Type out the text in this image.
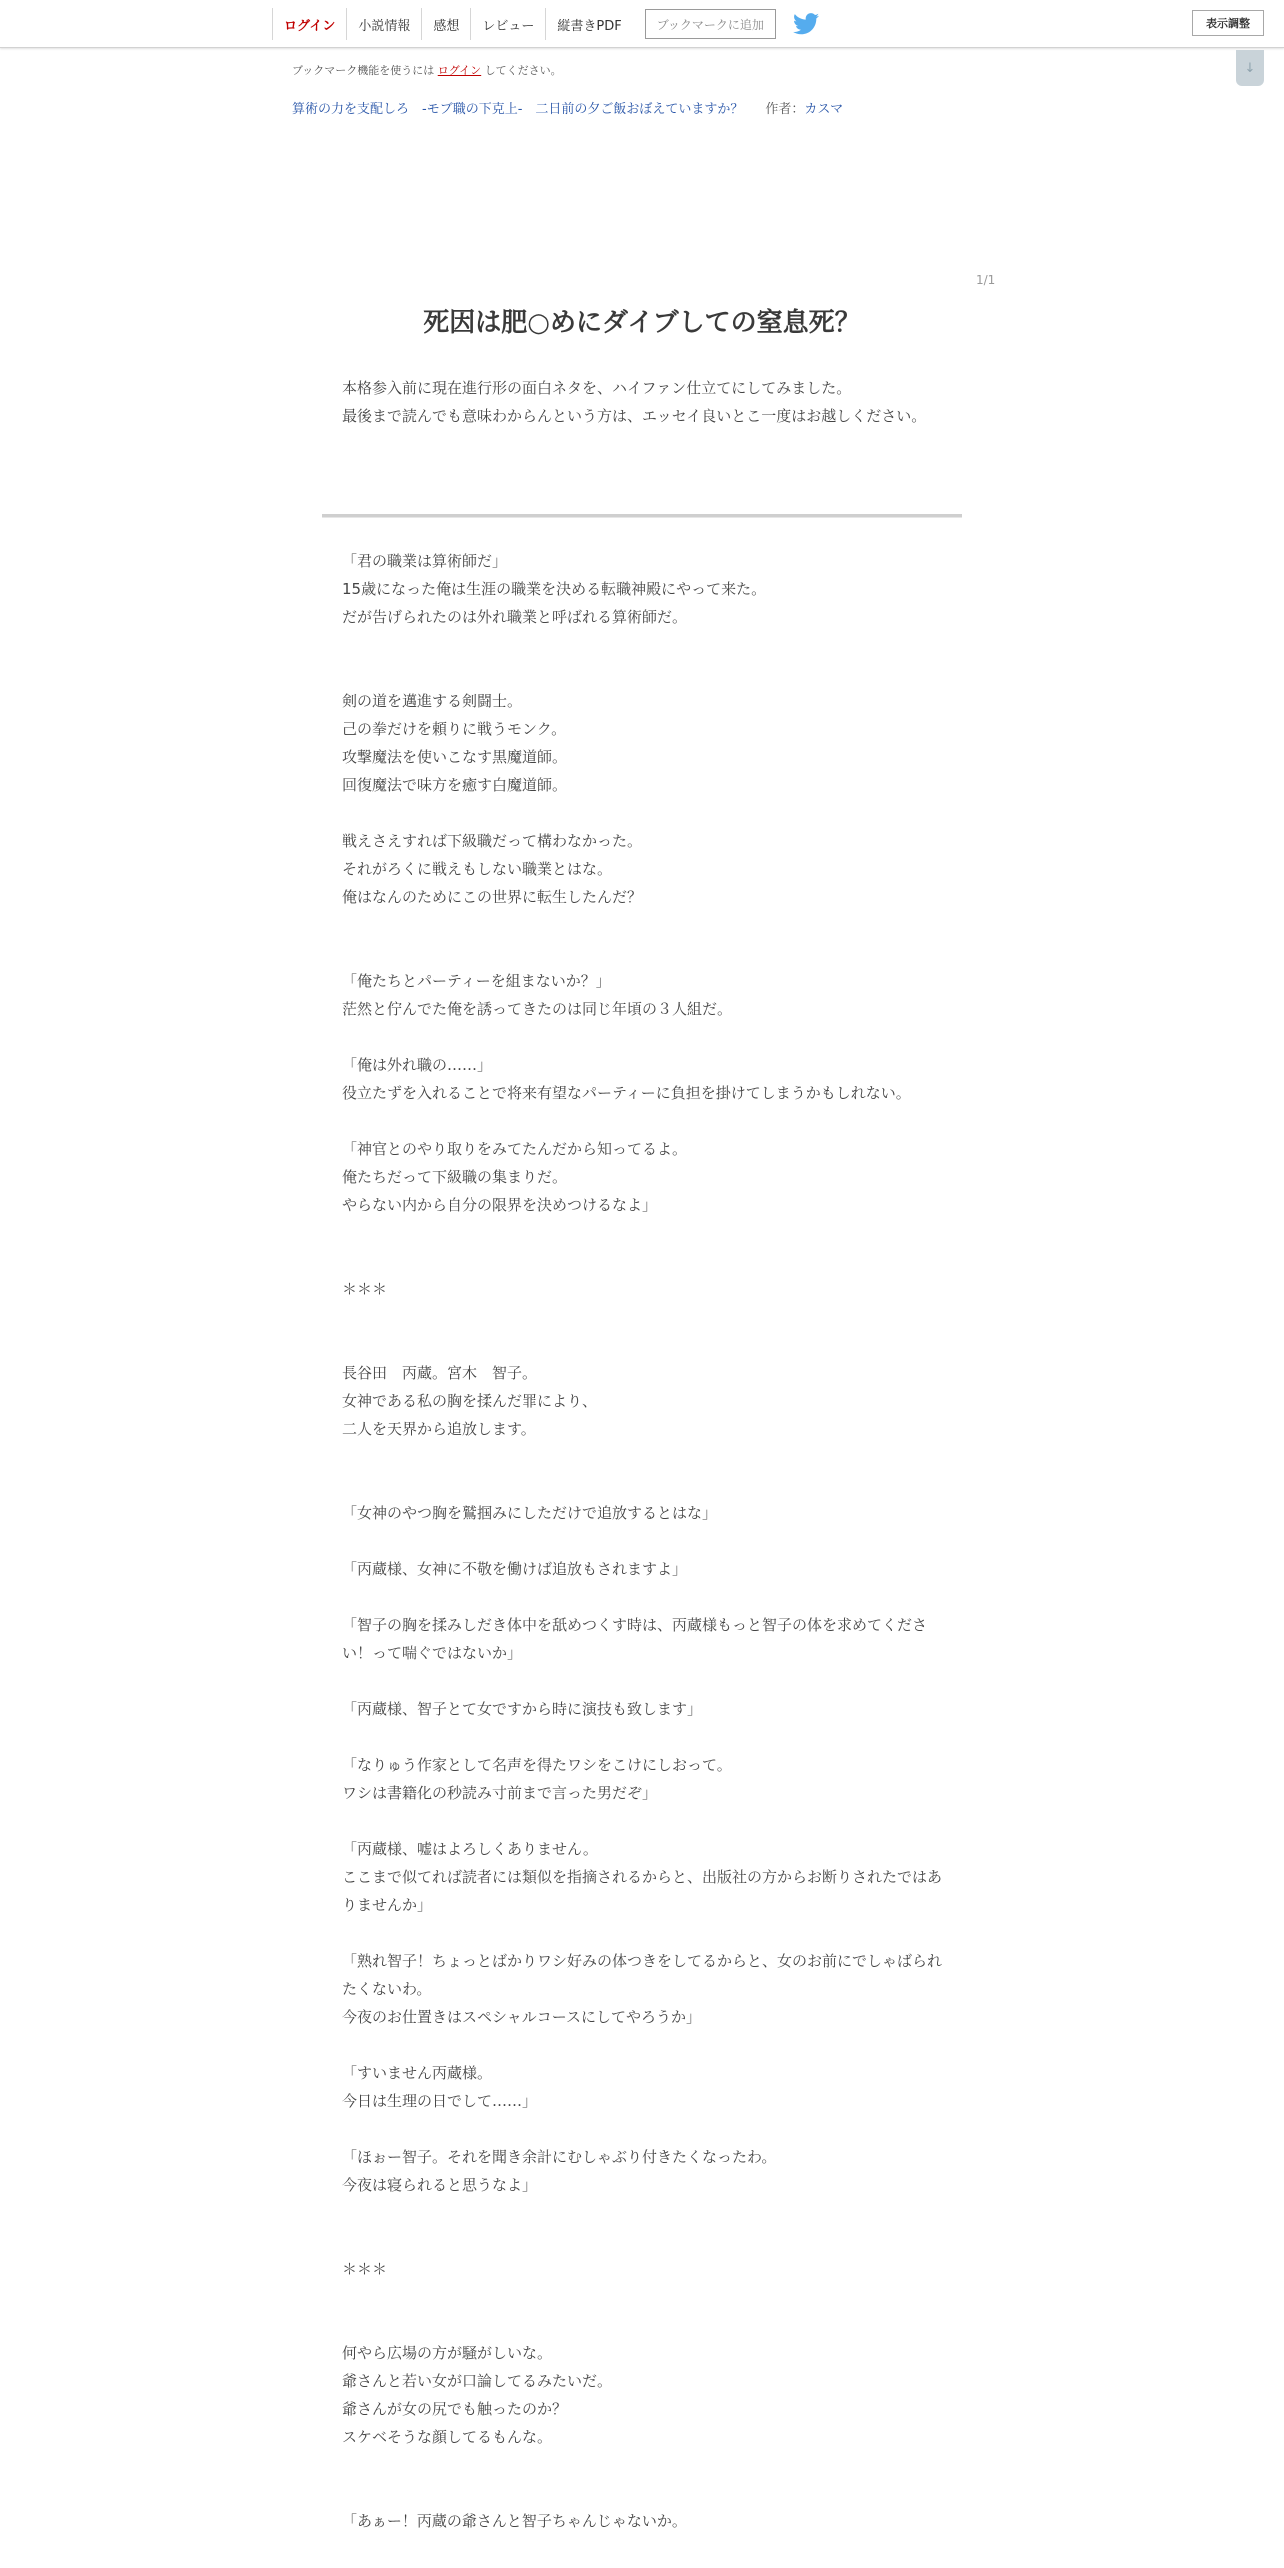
ログイン	小説情報	感想	レビュー	縦書きPDF	ブックマークに追加	表示調整
↓
ブックマーク機能を使うには ログイン してください。
算術の力を支配しろ　-モブ職の下克上-　二日前の夕ご飯おぼえていますか？ 作者：カスマ
1/1
死因は肥○めにダイブしての窒息死？

本格参入前に現在進行形の面白ネタを、ハイファン仕立てにしてみました。

最後まで読んでも意味わからんという方は、エッセイ良いとこ一度はお越しください。

「君の職業は算術師だ」

15歳になった俺は生涯の職業を決める転職神殿にやって来た。

だが告げられたのは外れ職業と呼ばれる算術師だ。

剣の道を邁進する剣闘士。

己の拳だけを頼りに戦うモンク。

攻撃魔法を使いこなす黒魔道師。

回復魔法で味方を癒す白魔道師。

戦えさえすれば下級職だって構わなかった。

それがろくに戦えもしない職業とはな。

俺はなんのためにこの世界に転生したんだ？

「俺たちとパーティーを組まないか？」

茫然と佇んでた俺を誘ってきたのは同じ年頃の３人組だ。

「俺は外れ職の……」

役立たずを入れることで将来有望なパーティーに負担を掛けてしまうかもしれない。

「神官とのやり取りをみてたんだから知ってるよ。

俺たちだって下級職の集まりだ。

やらない内から自分の限界を決めつけるなよ」

＊＊＊

長谷田　丙蔵。宮木　智子。

女神である私の胸を揉んだ罪により、

二人を天界から追放します。

「女神のやつ胸を鷲掴みにしただけで追放するとはな」

「丙蔵様、女神に不敬を働けば追放もされますよ」

「智子の胸を揉みしだき体中を舐めつくす時は、丙蔵様もっと智子の体を求めてください！って喘ぐではないか」

「丙蔵様、智子とて女ですから時に演技も致します」

「なりゅう作家として名声を得たワシをこけにしおって。

ワシは書籍化の秒読み寸前まで言った男だぞ」

「丙蔵様、嘘はよろしくありません。

ここまで似てれば読者には類似を指摘されるからと、出版社の方からお断りされたではありませんか」

「熟れ智子！ちょっとばかりワシ好みの体つきをしてるからと、女のお前にでしゃばられたくないわ。

今夜のお仕置きはスペシャルコースにしてやろうか」

「すいません丙蔵様。

今日は生理の日でして……」

「ほぉー智子。それを聞き余計にむしゃぶり付きたくなったわ。

今夜は寝られると思うなよ」

＊＊＊

何やら広場の方が騒がしいな。

爺さんと若い女が口論してるみたいだ。

爺さんが女の尻でも触ったのか？

スケベそうな顔してるもんな。

「あぁー！丙蔵の爺さんと智子ちゃんじゃないか。
